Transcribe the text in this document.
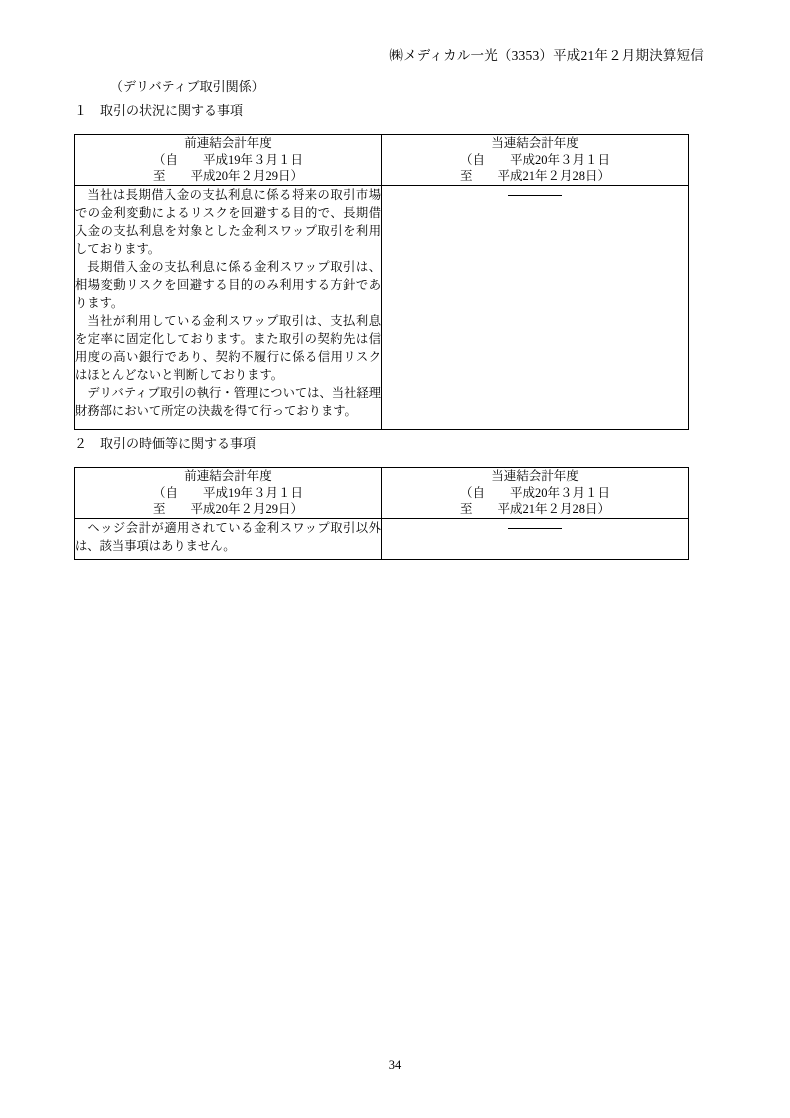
㈱メディカル一光（3353）平成21年２月期決算短信
（デリバティブ取引関係）
１　取引の状況に関する事項
前連結会計年度
（自　　平成19年３月１日
至　　平成20年２月29日）	当連結会計年度
（自　　平成20年３月１日
至　　平成21年２月28日）

当社は長期借入金の支払利息に係る将来の取引市場での金利変動によるリスクを回避する目的で、長期借入金の支払利息を対象とした金利スワップ取引を利用しております。

長期借入金の支払利息に係る金利スワップ取引は、相場変動リスクを回避する目的のみ利用する方針であります。

当社が利用している金利スワップ取引は、支払利息を定率に固定化しております。また取引の契約先は信用度の高い銀行であり、契約不履行に係る信用リスクはほとんどないと判断しております。

デリバティブ取引の執行・管理については、当社経理財務部において所定の決裁を得て行っております。	

２　取引の時価等に関する事項
前連結会計年度
（自　　平成19年３月１日
至　　平成20年２月29日）	当連結会計年度
（自　　平成20年３月１日
至　　平成21年２月28日）

ヘッジ会計が適用されている金利スワップ取引以外は、該当事項はありません。	

34
